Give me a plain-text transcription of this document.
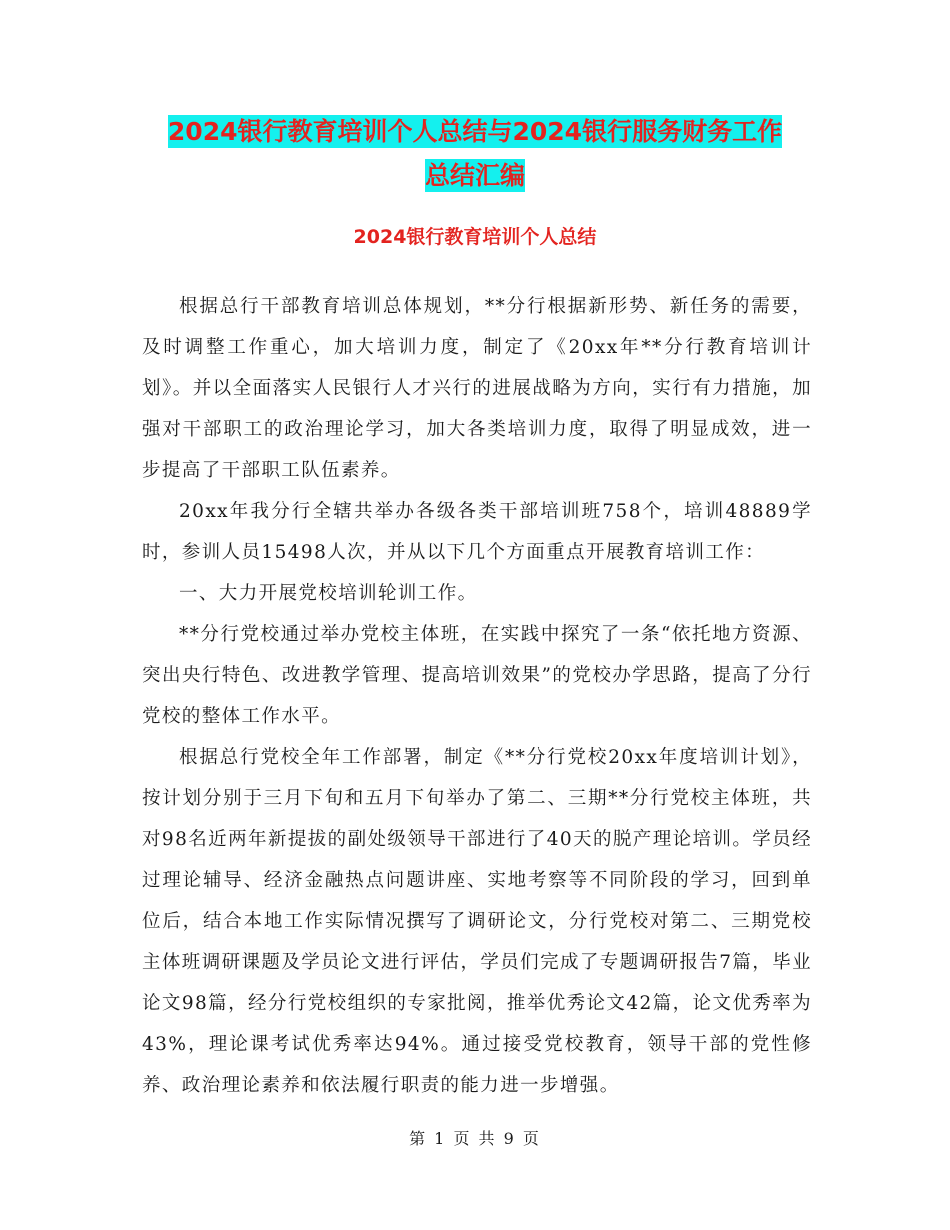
2024银行教育培训个人总结与2024银行服务财务工作
总结汇编
2024银行教育培训个人总结

根据总行干部教育培训总体规划，**分行根据新形势、新任务的需要，及时调整工作重心，加大培训力度，制定了《20xx年**分行教育培训计划》。并以全面落实人民银行人才兴行的进展战略为方向，实行有力措施，加强对干部职工的政治理论学习，加大各类培训力度，取得了明显成效，进一步提高了干部职工队伍素养。

20xx年我分行全辖共举办各级各类干部培训班758个，培训48889学时，参训人员15498人次，并从以下几个方面重点开展教育培训工作：

一、大力开展党校培训轮训工作。

**分行党校通过举办党校主体班，在实践中探究了一条“依托地方资源、突出央行特色、改进教学管理、提高培训效果”的党校办学思路，提高了分行党校的整体工作水平。

根据总行党校全年工作部署，制定《**分行党校20xx年度培训计划》，按计划分别于三月下旬和五月下旬举办了第二、三期**分行党校主体班，共对98名近两年新提拔的副处级领导干部进行了40天的脱产理论培训。学员经过理论辅导、经济金融热点问题讲座、实地考察等不同阶段的学习，回到单位后，结合本地工作实际情况撰写了调研论文，分行党校对第二、三期党校主体班调研课题及学员论文进行评估，学员们完成了专题调研报告7篇，毕业论文98篇，经分行党校组织的专家批阅，推举优秀论文42篇，论文优秀率为43%，理论课考试优秀率达94%。通过接受党校教育，领导干部的党性修养、政治理论素养和依法履行职责的能力进一步增强。

第 1 页 共 9 页
